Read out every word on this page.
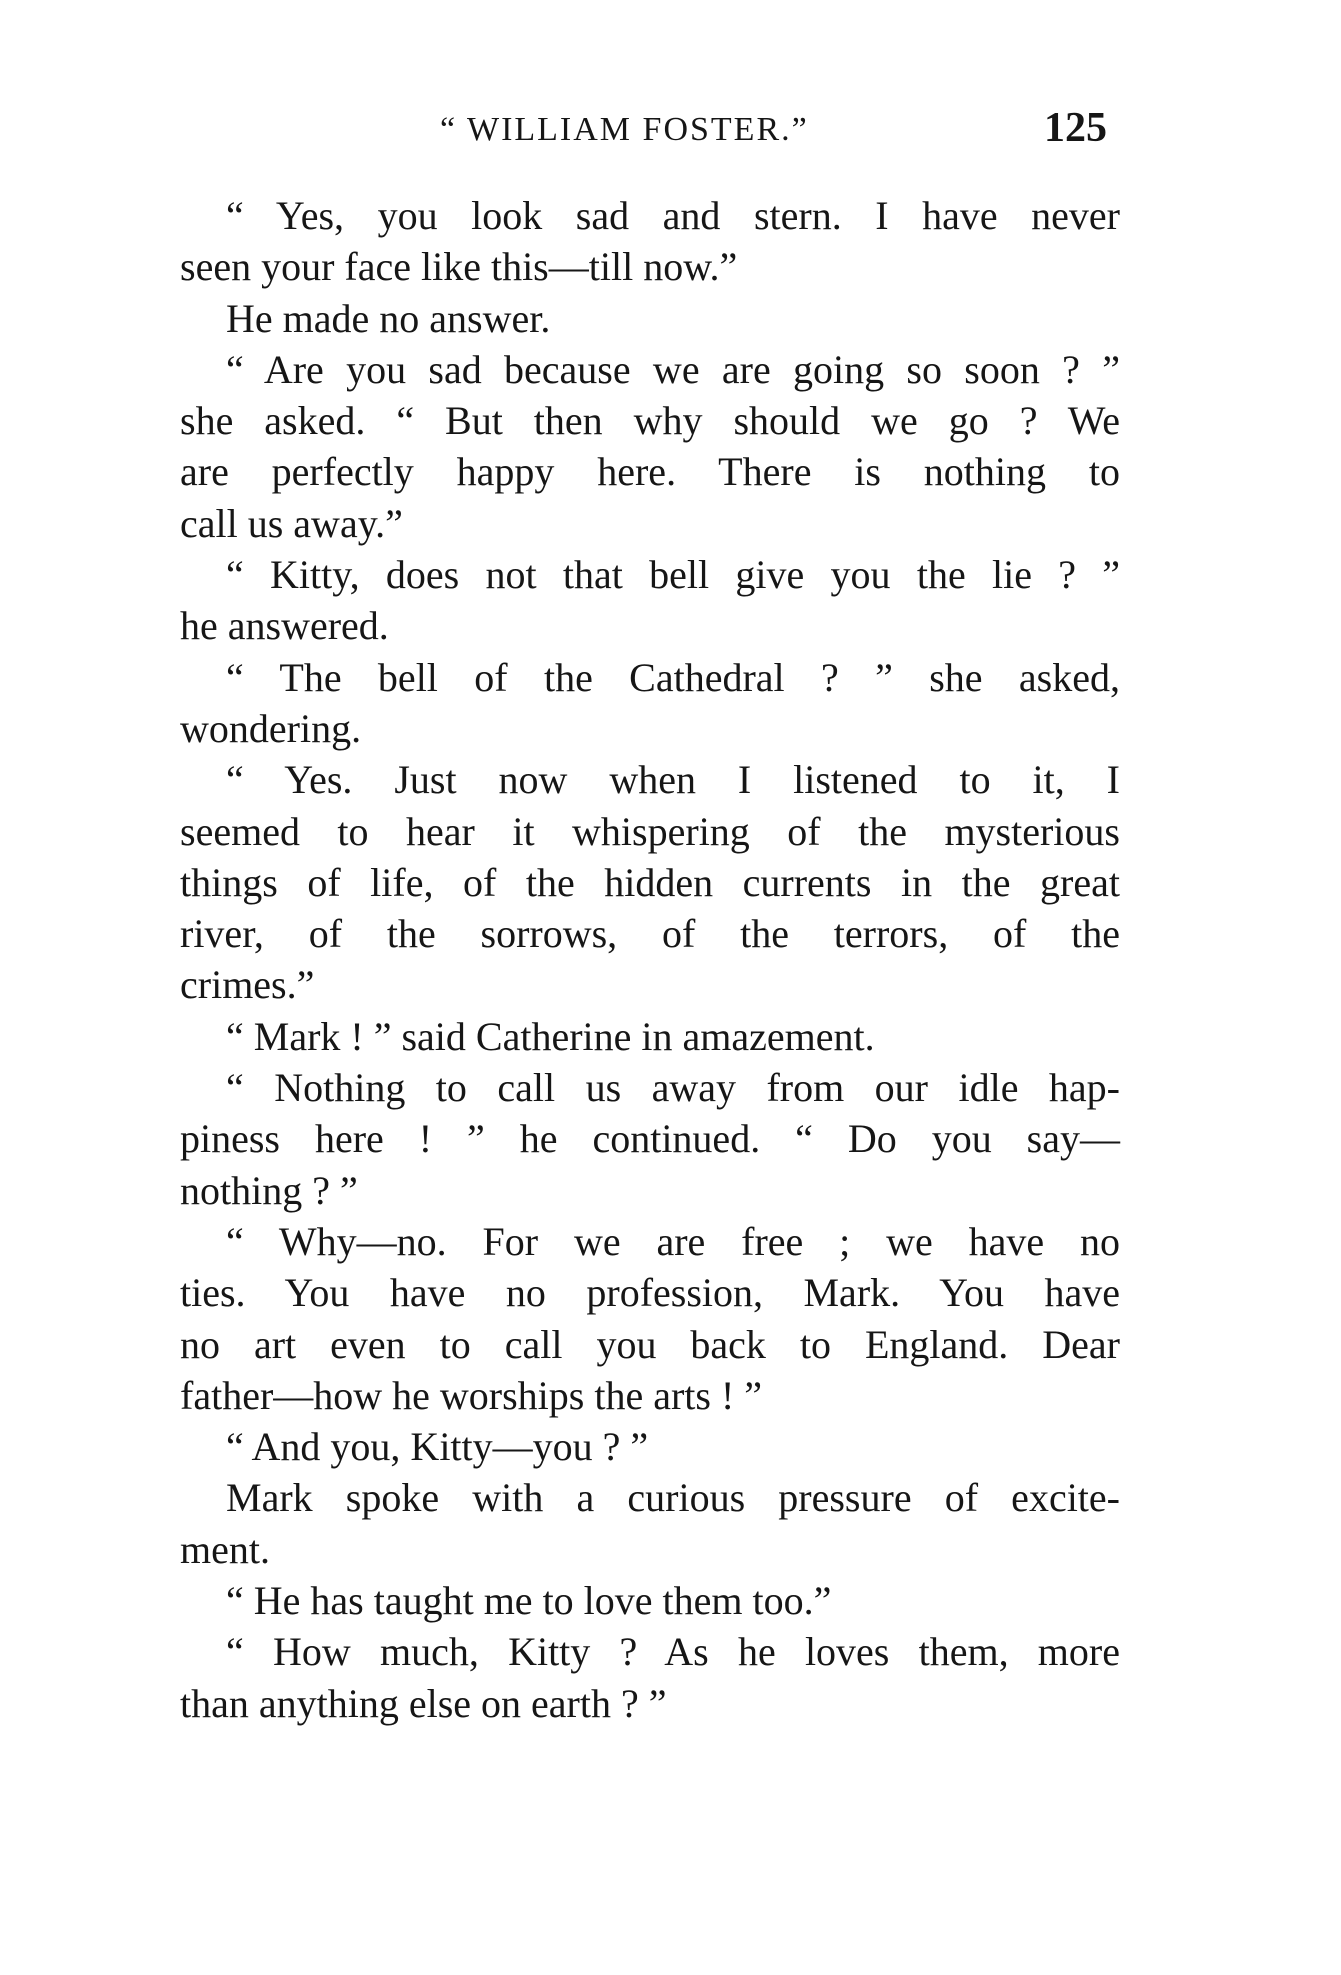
“ WILLIAM FOSTER.”	125
“ Yes, you look sad and stern. I have never
seen your face like this—till now.”
He made no answer.
“ Are you sad because we are going so soon ? ”
she asked. “ But then why should we go ? We
are perfectly happy here. There is nothing to
call us away.”
“ Kitty, does not that bell give you the lie ? ”
he answered.
“ The bell of the Cathedral ? ” she asked,
wondering.
“ Yes. Just now when I listened to it, I
seemed to hear it whispering of the mysterious
things of life, of the hidden currents in the great
river, of the sorrows, of the terrors, of the
crimes.”
“ Mark ! ” said Catherine in amazement.
“ Nothing to call us away from our idle hap-
piness here ! ” he continued. “ Do you say—
nothing ? ”
“ Why—no. For we are free ; we have no
ties. You have no profession, Mark. You have
no art even to call you back to England. Dear
father—how he worships the arts ! ”
“ And you, Kitty—you ? ”
Mark spoke with a curious pressure of excite-
ment.
“ He has taught me to love them too.”
“ How much, Kitty ? As he loves them, more
than anything else on earth ? ”
